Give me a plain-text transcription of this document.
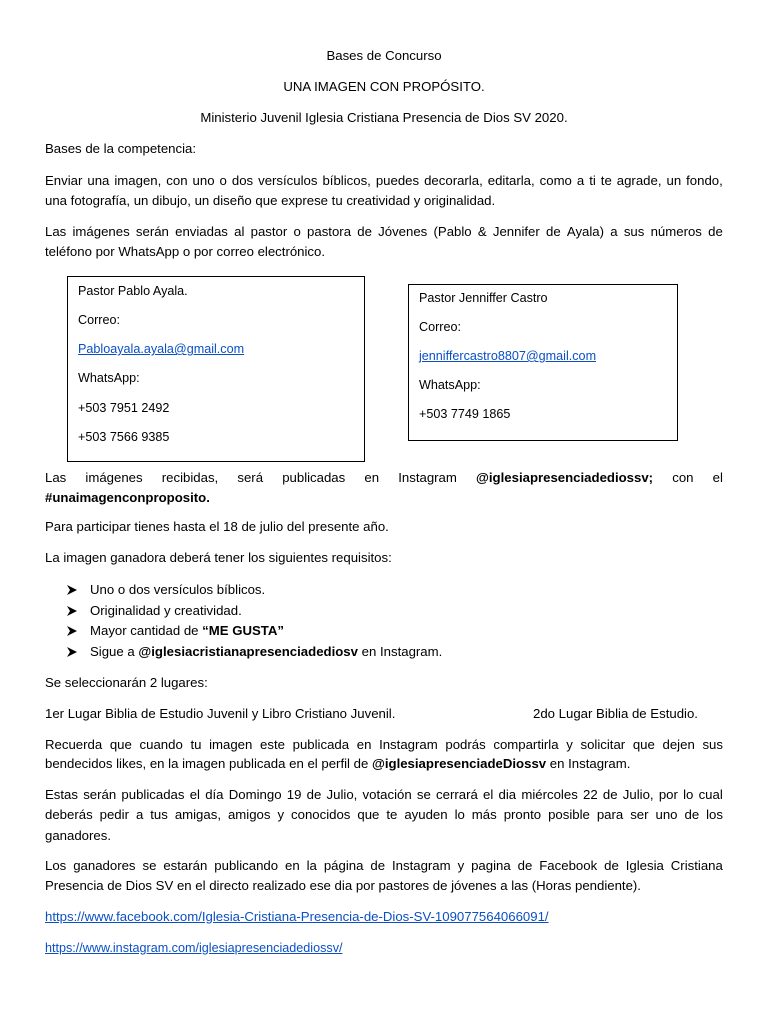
Bases de Concurso
UNA IMAGEN CON PROPÓSITO.
Ministerio Juvenil Iglesia Cristiana Presencia de Dios SV 2020.
Bases de la competencia:
Enviar una imagen, con uno o dos versículos bíblicos, puedes decorarla, editarla, como a ti te agrade, un fondo,
una fotografía, un dibujo, un diseño que exprese tu creatividad y originalidad.
Las imágenes serán enviadas al pastor o pastora de Jóvenes (Pablo & Jennifer de Ayala) a sus números de
teléfono por WhatsApp o por correo electrónico.
Pastor Pablo Ayala.
Correo:
Pabloayala.ayala@gmail.com
WhatsApp:
+503 7951 2492
+503 7566 9385
Pastor Jenniffer Castro
Correo:
jenniffercastro8807@gmail.com
WhatsApp:
+503 7749 1865
Las imágenes recibidas, será publicadas en Instagram @iglesiapresenciadediossv; con el
#unaimagenconproposito.
Para participar tienes hasta el 18 de julio del presente año.
La imagen ganadora deberá tener los siguientes requisitos:
Uno o dos versículos bíblicos.
Originalidad y creatividad.
Mayor cantidad de “ME GUSTA”
Sigue a @iglesiacristianapresenciadediosv en Instagram.
Se seleccionarán 2 lugares:
1er Lugar Biblia de Estudio Juvenil y Libro Cristiano Juvenil.	2do Lugar Biblia de Estudio.
Recuerda que cuando tu imagen este publicada en Instagram podrás compartirla y solicitar que dejen sus
bendecidos likes, en la imagen publicada en el perfil de @iglesiapresenciadeDiossv en Instagram.
Estas serán publicadas el día Domingo 19 de Julio, votación se cerrará el dia miércoles 22 de Julio, por lo cual
deberás pedir a tus amigas, amigos y conocidos que te ayuden lo más pronto posible para ser uno de los
ganadores.
Los ganadores se estarán publicando en la página de Instagram y pagina de Facebook de Iglesia Cristiana
Presencia de Dios SV en el directo realizado ese dia por pastores de jóvenes a las (Horas pendiente).
https://www.facebook.com/Iglesia-Cristiana-Presencia-de-Dios-SV-109077564066091/
https://www.instagram.com/iglesiapresenciadediossv/
